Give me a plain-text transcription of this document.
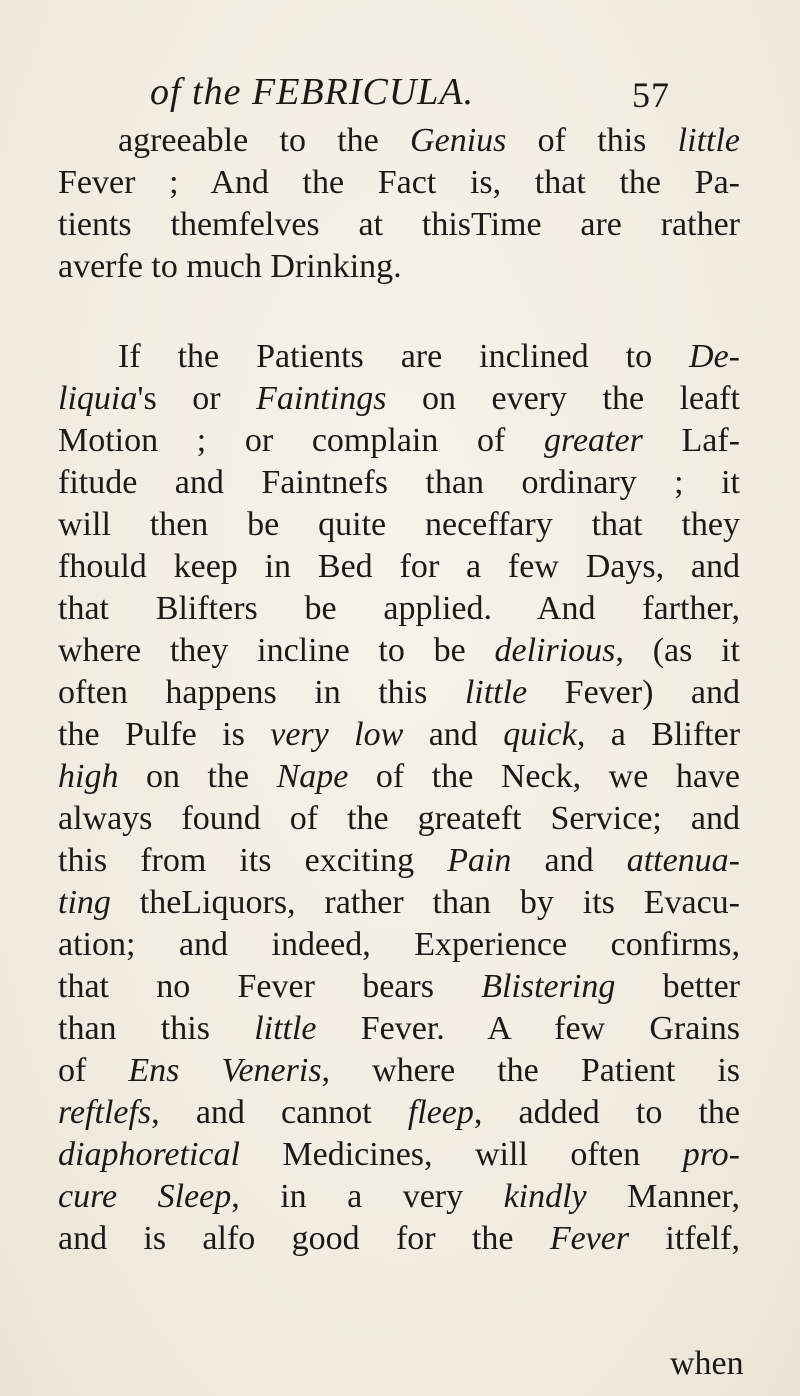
of the FEBRICULA.	57
agreeable to the Genius of this little
Fever ; And the Fact is, that the Pa-
tients themfelves at thisTime are rather
averfe to much Drinking.
If the Patients are inclined to De-
liquia's or Faintings on every the leaft
Motion ; or complain of greater Laf-
fitude and Faintnefs than ordinary ; it
will then be quite neceffary that they
fhould keep in Bed for a few Days, and
that Blifters be applied. And farther,
where they incline to be delirious, (as it
often happens in this little Fever) and
the Pulfe is very low and quick, a Blifter
high on the Nape of the Neck, we have
always found of the greateft Service; and
this from its exciting Pain and attenua-
ting theLiquors, rather than by its Evacu-
ation; and indeed, Experience confirms,
that no Fever bears Blistering better
than this little Fever. A few Grains
of Ens Veneris, where the Patient is
reftlefs, and cannot fleep, added to the
diaphoretical Medicines, will often pro-
cure Sleep, in a very kindly Manner,
and is alfo good for the Fever itfelf,
when
